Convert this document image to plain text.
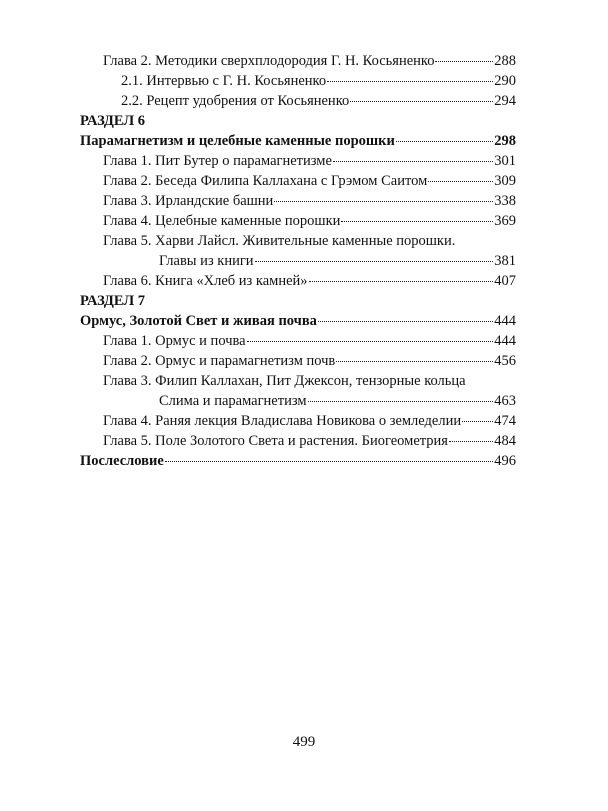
Глава 2. Методики сверхплодородия Г. Н. Косьяненко	288
2.1. Интервью с Г. Н. Косьяненко	290
2.2. Рецепт удобрения от Косьяненко	294
РАЗДЕЛ 6
Парамагнетизм и целебные каменные порошки	298
Глава 1. Пит Бутер о парамагнетизме	301
Глава 2. Беседа Филипа Каллахана с Грэмом Саитом	309
Глава 3. Ирландские башни	338
Глава 4. Целебные каменные порошки	369
Глава 5. Харви Лайсл. Живительные каменные порошки.
Главы из книги	381
Глава 6. Книга «Хлеб из камней»	407
РАЗДЕЛ 7
Ормус, Золотой Свет и живая почва	444
Глава 1. Ормус и почва	444
Глава 2. Ормус и парамагнетизм почв	456
Глава 3. Филип Каллахан, Пит Джексон, тензорные кольца
Слима и парамагнетизм	463
Глава 4. Раняя лекция Владислава Новикова о земледелии 474
Глава 5. Поле Золотого Света и растения. Биогеометрия	484
Послесловие	496
499
